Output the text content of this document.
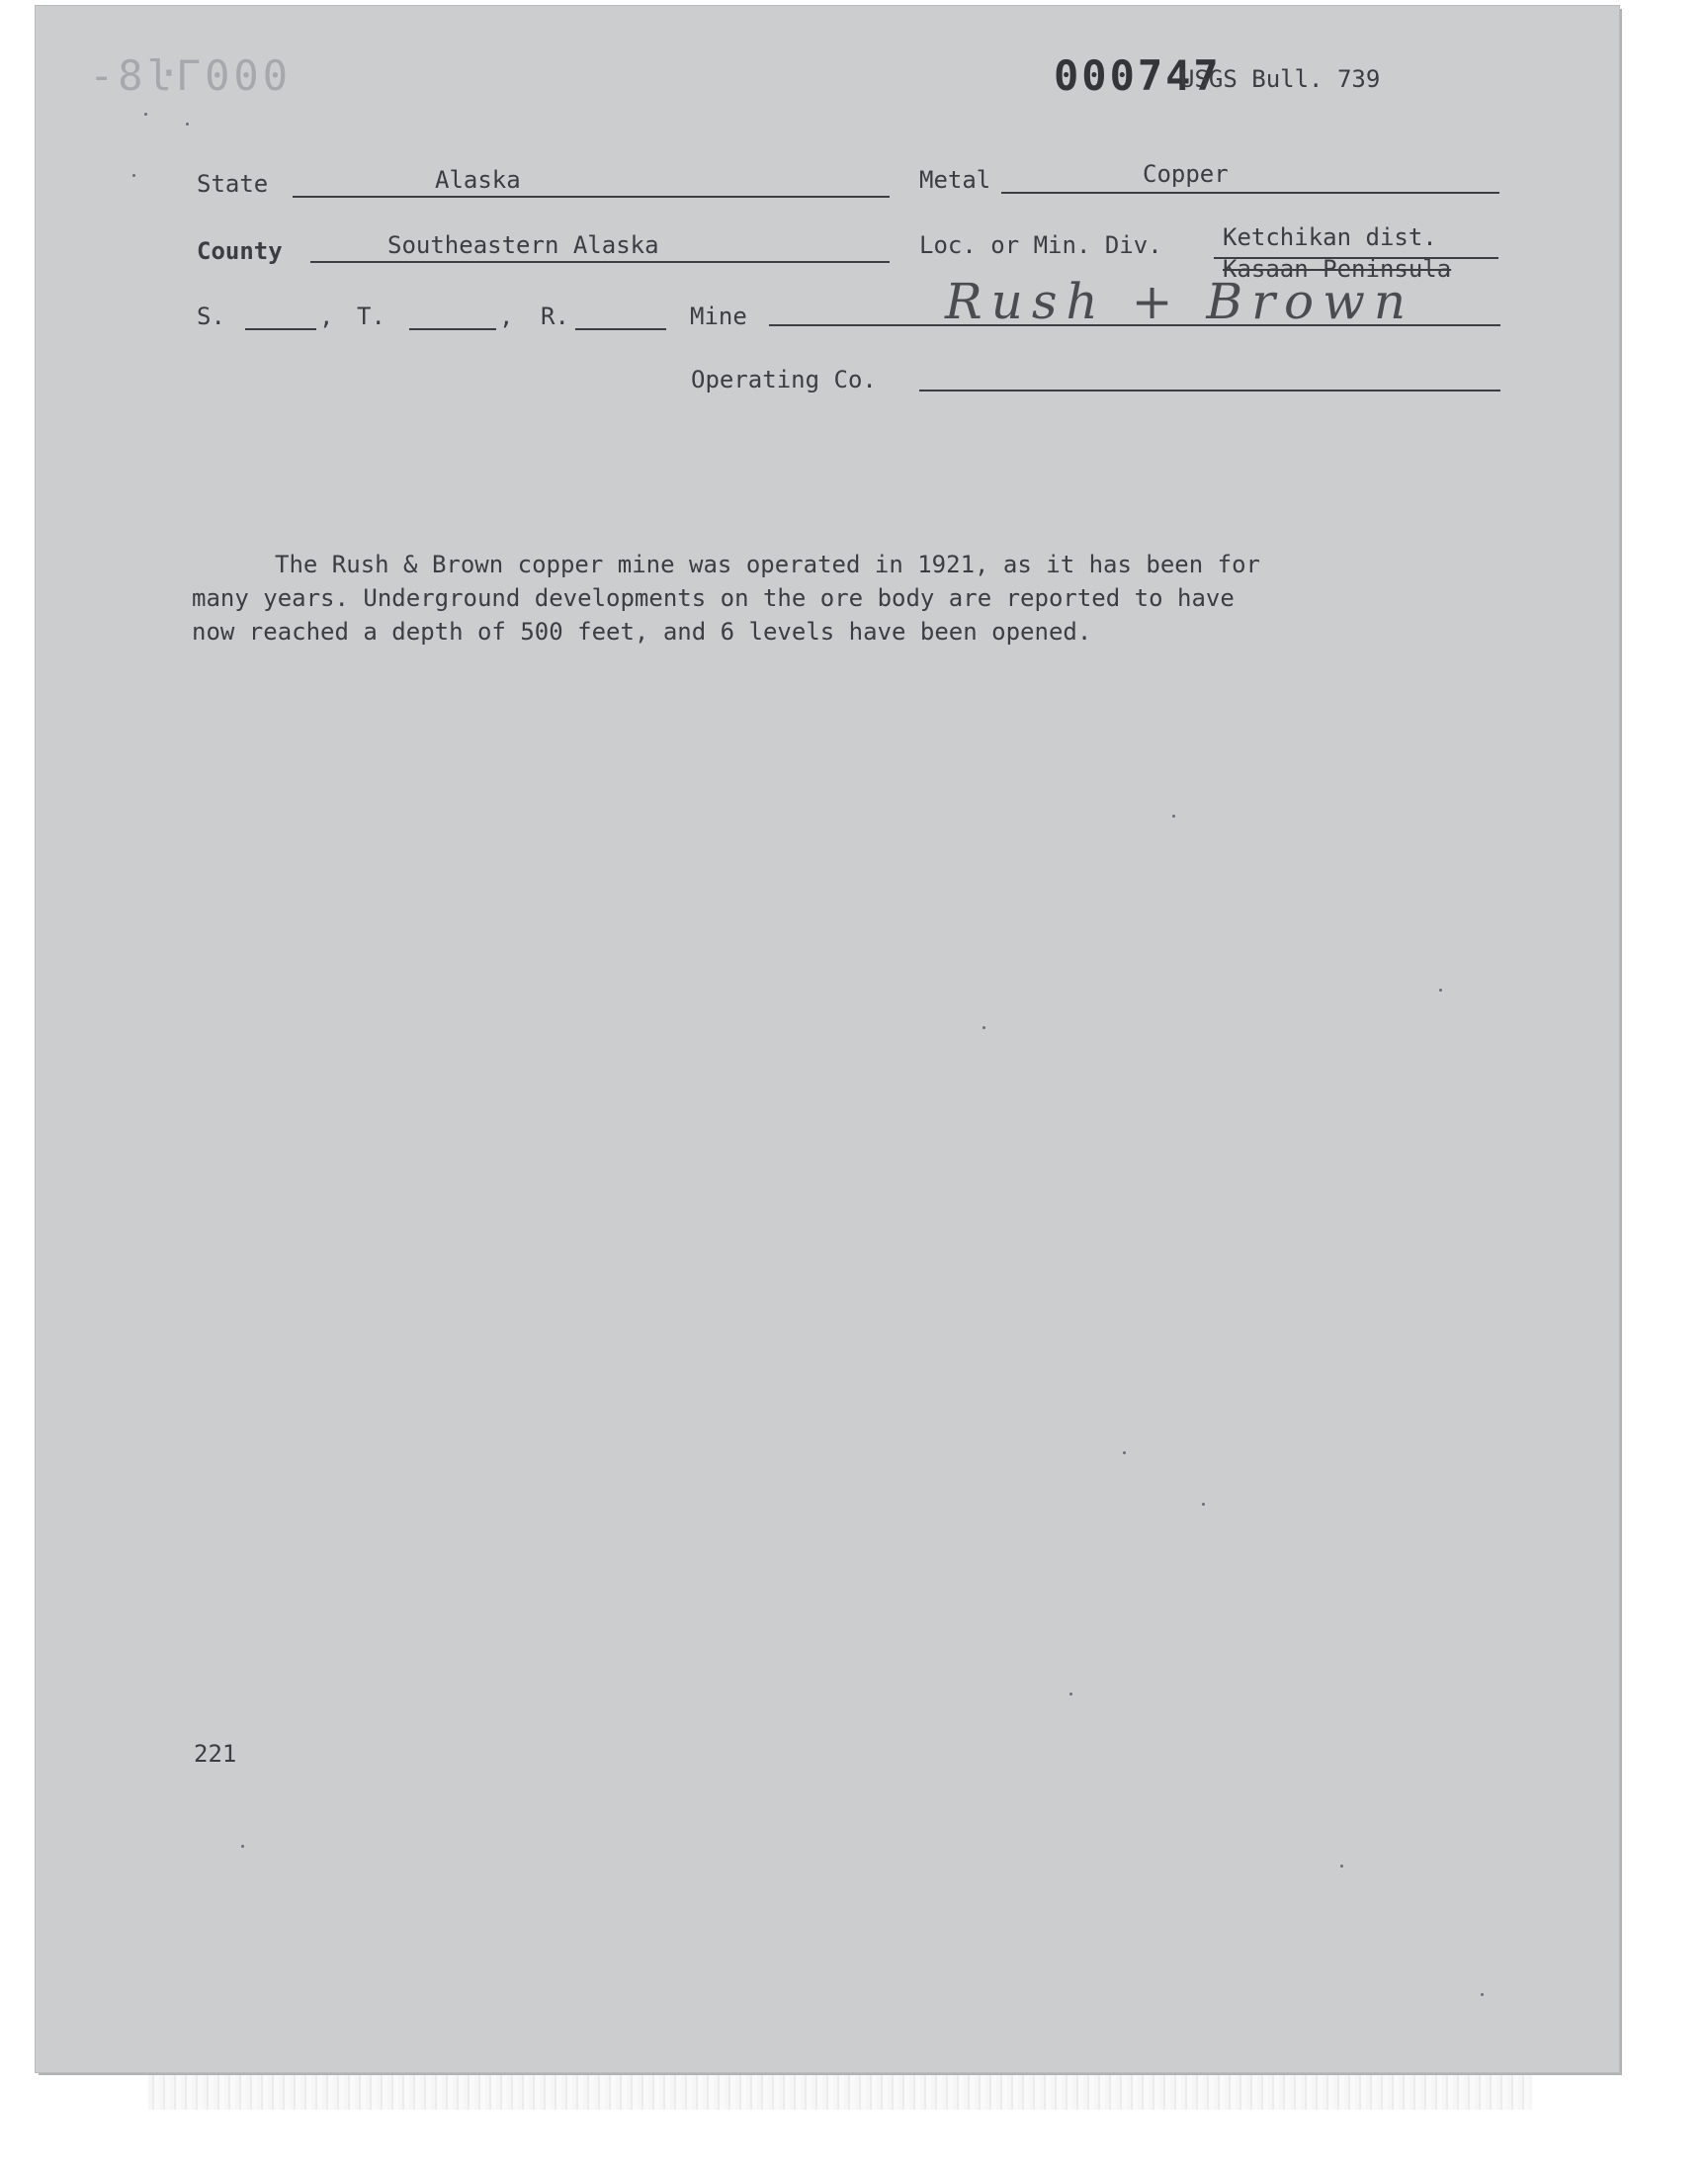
-8ŀΓ000	000747
USGS Bull. 739
State	Alaska	Metal	Copper
County	Southeastern Alaska	Loc. or Min. Div.	Ketchikan dist.
Kasaan Peninsula
S.	, T.	, R.	Mine	Rush + Brown
Operating Co.
The Rush & Brown copper mine was operated in 1921, as it has been for
many years. Underground developments on the ore body are reported to have
now reached a depth of 500 feet, and 6 levels have been opened.
221
